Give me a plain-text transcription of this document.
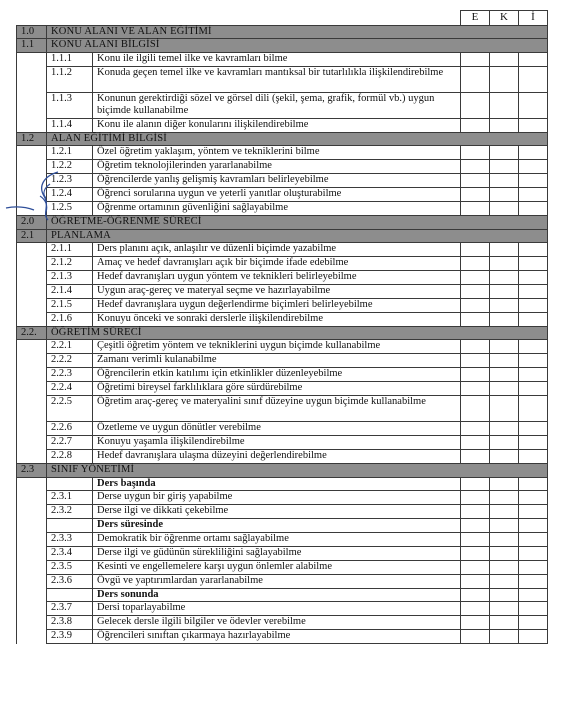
			E	K	İ
1.0	KONU ALANI VE ALAN EĞİTİMİ				
1.1	KONU ALANI BİLGİSİ				
	1.1.1	Konu ile ilgili temel ilke ve kavramları bilme			
	1.1.2	Konuda geçen temel ilke ve kavramları mantıksal bir tutarlılıkla ilişkilendirebilme			
	1.1.3	Konunun gerektirdiği sözel ve görsel dili (şekil, şema, grafik, formül vb.) uygun biçimde kullanabilme			
	1.1.4	Konu ile alanın diğer konularını ilişkilendirebilme			
1.2	ALAN EĞİTİMİ BİLGİSİ				
	1.2.1	Özel öğretim yaklaşım, yöntem ve tekniklerini bilme			
	1.2.2	Öğretim teknolojilerinden yararlanabilme			
	1.2.3	Öğrencilerde yanlış gelişmiş kavramları belirleyebilme			
	1.2.4	Öğrenci sorularına uygun ve yeterli yanıtlar oluşturabilme			
	1.2.5	Öğrenme ortamının güvenliğini sağlayabilme			
2.0	ÖĞRETME-ÖĞRENME SÜRECİ				
2.1	PLANLAMA				
	2.1.1	Ders planını açık, anlaşılır ve düzenli biçimde yazabilme			
	2.1.2	Amaç ve hedef davranışları açık bir biçimde ifade edebilme			
	2.1.3	Hedef davranışları uygun yöntem ve teknikleri belirleyebilme			
	2.1.4	Uygun araç-gereç ve materyal seçme ve hazırlayabilme			
	2.1.5	Hedef davranışlara uygun değerlendirme biçimleri belirleyebilme			
	2.1.6	Konuyu önceki ve sonraki derslerle ilişkilendirebilme			
2.2.	ÖĞRETİM SÜRECİ				
	2.2.1	Çeşitli öğretim yöntem ve tekniklerini uygun biçimde kullanabilme			
	2.2.2	Zamanı verimli kulanabilme			
	2.2.3	Öğrencilerin etkin katılımı için etkinlikler düzenleyebilme			
	2.2.4	Öğretimi bireysel farklılıklara göre sürdürebilme			
	2.2.5	Öğretim araç-gereç ve materyalini sınıf düzeyine uygun biçimde kullanabilme			
	2.2.6	Özetleme ve uygun dönütler verebilme			
	2.2.7	Konuyu yaşamla ilişkilendirebilme			
	2.2.8	Hedef davranışlara ulaşma düzeyini değerlendirebilme			
2.3	SINIF YÖNETİMİ				
		Ders başında			
	2.3.1	Derse uygun bir giriş yapabilme			
	2.3.2	Derse ilgi ve dikkati çekebilme			
		Ders süresinde			
	2.3.3	Demokratik bir öğrenme ortamı sağlayabilme			
	2.3.4	Derse ilgi ve güdünün sürekliliğini sağlayabilme			
	2.3.5	Kesinti ve engellemelere karşı uygun önlemler alabilme			
	2.3.6	Övgü ve yaptırımlardan yararlanabilme			
		Ders sonunda			
	2.3.7	Dersi toparlayabilme			
	2.3.8	Gelecek dersle ilgili bilgiler ve ödevler verebilme			
	2.3.9	Öğrencileri sınıftan çıkarmaya hazırlayabilme			
